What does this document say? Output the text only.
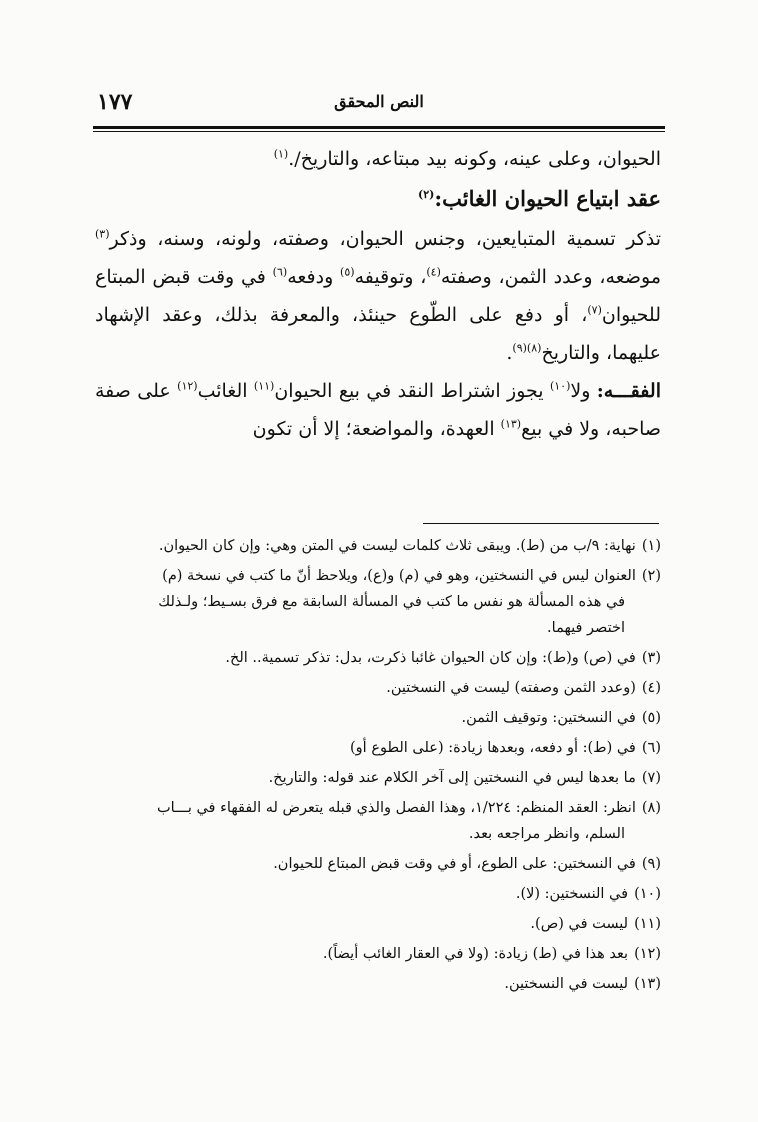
النص المحقق
١٧٧

الحيوان، وعلى عينه، وكونه بيد مبتاعه، والتاريخ/.$^{(١)}$

عقد ابتياع الحيوان الغائب:$^{(٢)}$

تذكر تسمية المتبايعين، وجنس الحيوان، وصفته، ولونه، وسنه، وذكر$^{(٣)}$ موضعه، وعدد الثمن، وصفته$^{(٤)}$، وتوقيفه$^{(٥)}$ ودفعه$^{(٦)}$ في وقت قبض المبتاع للحيوان$^{(٧)}$، أو دفع على الطّوع حينئذ، والمعرفة بذلك، وعقد الإشهاد عليهما، والتاريخ$^{(٨)(٩)}$.

الفقـــه: ولا$^{(١٠)}$ يجوز اشتراط النقد في بيع الحيوان$^{(١١)}$ الغائب$^{(١٢)}$ على صفة صاحبه، ولا في بيع$^{(١٣)}$ العهدة، والمواضعة؛ إلا أن تكون

(١)نهاية: ٩/ب من (ط). ويبقى ثلاث كلمات ليست في المتن وهي: وإن كان الحيوان.

(٢)العنوان ليس في النسختين، وهو في (م) و(ع)، ويلاحظ أنّ ما كتب في نسخة (م)
في هذه المسألة هو نفس ما كتب في المسألة السابقة مع فرق بسـيط؛ ولـذلك
اختصر فيهما.

(٣)في (ص) و(ط): وإن كان الحيوان غائبا ذكرت، بدل: تذكر تسمية.. الخ.

(٤)(وعدد الثمن وصفته) ليست في النسختين.

(٥)في النسختين: وتوقيف الثمن.

(٦)في (ط): أو دفعه، وبعدها زيادة: (على الطوع أو)

(٧)ما بعدها ليس في النسختين إلى آخر الكلام عند قوله: والتاريخ.

(٨)انظر: العقد المنظم: ١/٢٢٤، وهذا الفصل والذي قبله يتعرض له الفقهاء في بـــاب
السلم، وانظر مراجعه بعد.

(٩)في النسختين: على الطوع، أو في وقت قبض المبتاع للحيوان.

(١٠)في النسختين: (لا).

(١١)ليست في (ص).

(١٢)بعد هذا في (ط) زيادة: (ولا في العقار الغائب أيضاً).

(١٣)ليست في النسختين.
